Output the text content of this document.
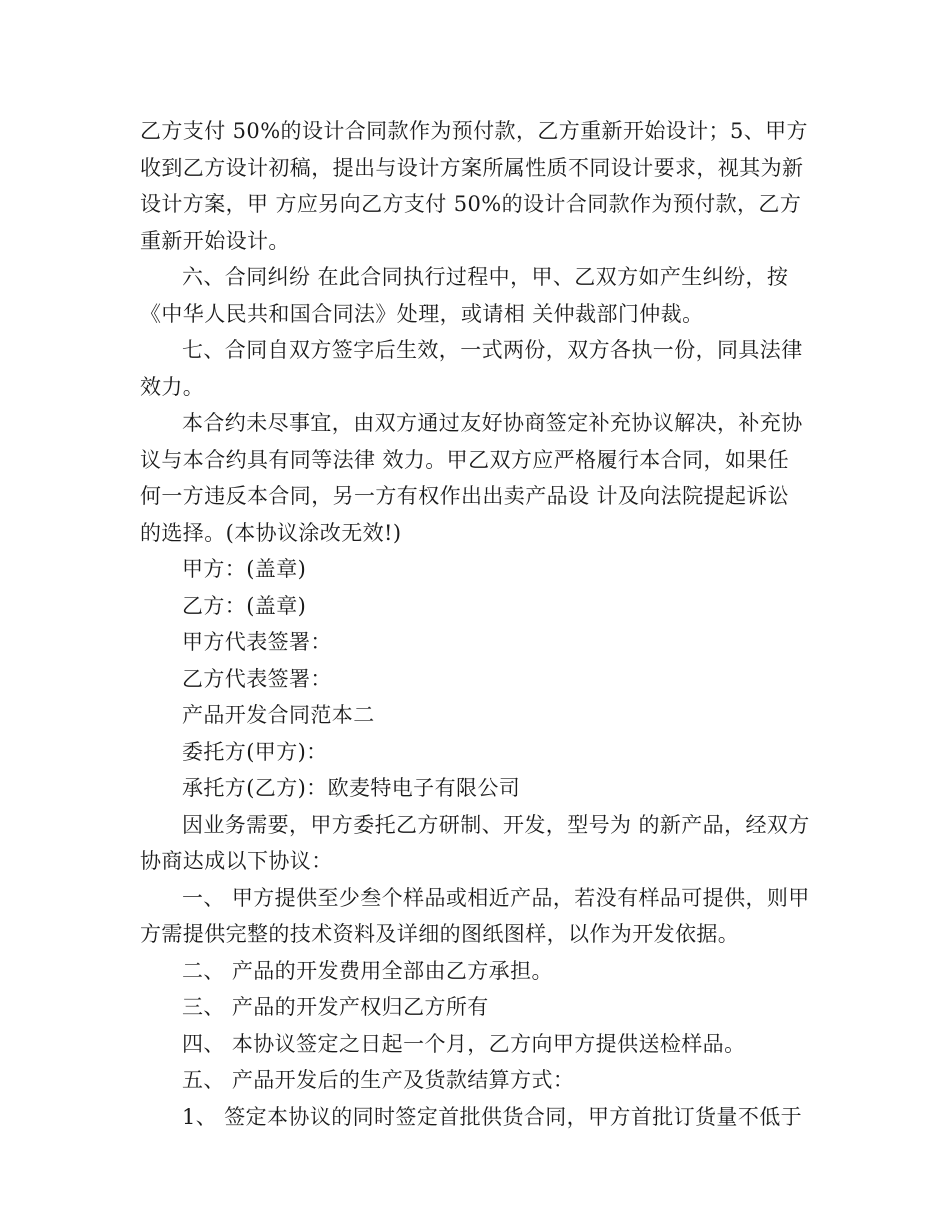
乙方支付 50%的设计合同款作为预付款，乙方重新开始设计；5、甲方
收到乙方设计初稿，提出与设计方案所属性质不同设计要求，视其为新
设计方案，甲 方应另向乙方支付 50%的设计合同款作为预付款，乙方
重新开始设计。
六、合同纠纷 在此合同执行过程中，甲、乙双方如产生纠纷，按
《中华人民共和国合同法》处理，或请相 关仲裁部门仲裁。
七、合同自双方签字后生效，一式两份，双方各执一份，同具法律
效力。
本合约未尽事宜，由双方通过友好协商签定补充协议解决，补充协
议与本合约具有同等法律 效力。甲乙双方应严格履行本合同，如果任
何一方违反本合同，另一方有权作出出卖产品设 计及向法院提起诉讼
的选择。(本协议涂改无效!)
甲方：(盖章)
乙方：(盖章)
甲方代表签署：
乙方代表签署：
产品开发合同范本二
委托方(甲方)：
承托方(乙方)：欧麦特电子有限公司
因业务需要，甲方委托乙方研制、开发，型号为 的新产品，经双方
协商达成以下协议：
一、 甲方提供至少叁个样品或相近产品，若没有样品可提供，则甲
方需提供完整的技术资料及详细的图纸图样，以作为开发依据。
二、 产品的开发费用全部由乙方承担。
三、 产品的开发产权归乙方所有
四、 本协议签定之日起一个月，乙方向甲方提供送检样品。
五、 产品开发后的生产及货款结算方式：
1、 签定本协议的同时签定首批供货合同，甲方首批订货量不低于
